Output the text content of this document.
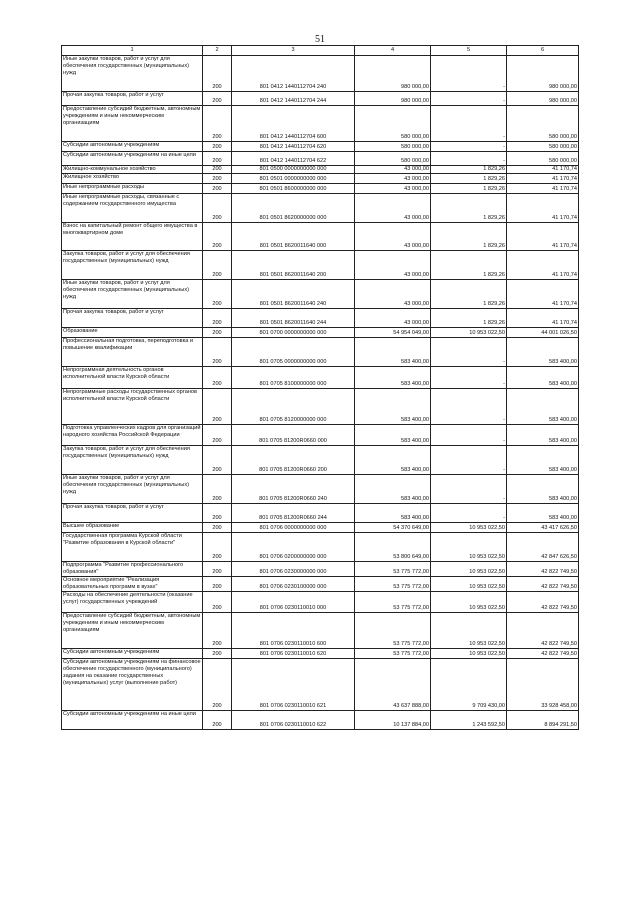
51
1	2	3	4	5	6
Иные закупки товаров, работ и услуг для обеспечения государственных (муниципальных) нужд	200	801 0412 1440112704 240	980 000,00	-	980 000,00
Прочая закупка товаров, работ и услуг	200	801 0412 1440112704 244	980 000,00	-	980 000,00
Предоставление субсидий бюджетным, автономным учреждениям и иным некоммерческим организациям	200	801 0412 1440112704 600	580 000,00	-	580 000,00
Субсидии автономным учреждениям	200	801 0412 1440112704 620	580 000,00	-	580 000,00
Субсидии автономным учреждениям на иные цели	200	801 0412 1440112704 622	580 000,00	-	580 000,00
Жилищно-коммунальное хозяйство	200	801 0500 0000000000 000	43 000,00	1 829,26	41 170,74
Жилищное хозяйство	200	801 0501 0000000000 000	43 000,00	1 829,26	41 170,74
Иные непрограммные расходы	200	801 0501 8600000000 000	43 000,00	1 829,26	41 170,74
Иные непрограммные расходы, связанные с содержанием государственного имущества	200	801 0501 8620000000 000	43 000,00	1 829,26	41 170,74
Взнос на капитальный ремонт общего имущества в многоквартирном доме	200	801 0501 8620011640 000	43 000,00	1 829,26	41 170,74
Закупка товаров, работ и услуг для обеспечения государственных (муниципальных) нужд	200	801 0501 8620011640 200	43 000,00	1 829,26	41 170,74
Иные закупки товаров, работ и услуг для обеспечения государственных (муниципальных) нужд	200	801 0501 8620011640 240	43 000,00	1 829,26	41 170,74
Прочая закупка товаров, работ и услуг	200	801 0501 8620011640 244	43 000,00	1 829,26	41 170,74
Образование	200	801 0700 0000000000 000	54 954 049,00	10 953 022,50	44 001 026,50
Профессиональная подготовка, переподготовка и повышение квалификации	200	801 0705 0000000000 000	583 400,00	-	583 400,00
Непрограммная деятельность органов исполнительной власти Курской области	200	801 0705 8100000000 000	583 400,00	-	583 400,00
Непрограммные расходы государственных органов исполнительной власти Курской области	200	801 0705 8120000000 000	583 400,00	-	583 400,00
Подготовка управленческих кадров для организаций народного хозяйства Российской Федерации	200	801 0705 81200R0660 000	583 400,00	-	583 400,00
Закупка товаров, работ и услуг для обеспечения государственных (муниципальных) нужд	200	801 0705 81200R0660 200	583 400,00	-	583 400,00
Иные закупки товаров, работ и услуг для обеспечения государственных (муниципальных) нужд	200	801 0705 81200R0660 240	583 400,00	-	583 400,00
Прочая закупка товаров, работ и услуг	200	801 0705 81200R0660 244	583 400,00	-	583 400,00
Высшее образование	200	801 0706 0000000000 000	54 370 649,00	10 953 022,50	43 417 626,50
Государственная программа Курской области "Развитие образования в Курской области"	200	801 0706 0200000000 000	53 800 649,00	10 953 022,50	42 847 626,50
Подпрограмма "Развитие профессионального образования"	200	801 0706 0230000000 000	53 775 772,00	10 953 022,50	42 822 749,50
Основное мероприятие "Реализация образовательных программ в вузах"	200	801 0706 0230100000 000	53 775 772,00	10 953 022,50	42 822 749,50
Расходы на обеспечение деятельности (оказание услуг) государственных учреждений	200	801 0706 0230110010 000	53 775 772,00	10 953 022,50	42 822 749,50
Предоставление субсидий бюджетным, автономным учреждениям и иным некоммерческим организациям	200	801 0706 0230110010 600	53 775 772,00	10 953 022,50	42 822 749,50
Субсидии автономным учреждениям	200	801 0706 0230110010 620	53 775 772,00	10 953 022,50	42 822 749,50
Субсидии автономным учреждениям на финансовое обеспечение государственного (муниципального) задания на оказание государственных (муниципальных) услуг (выполнение работ)	200	801 0706 0230110010 621	43 637 888,00	9 709 430,00	33 928 458,00
Субсидии автономным учреждениям на иные цели	200	801 0706 0230110010 622	10 137 884,00	1 243 592,50	8 894 291,50
